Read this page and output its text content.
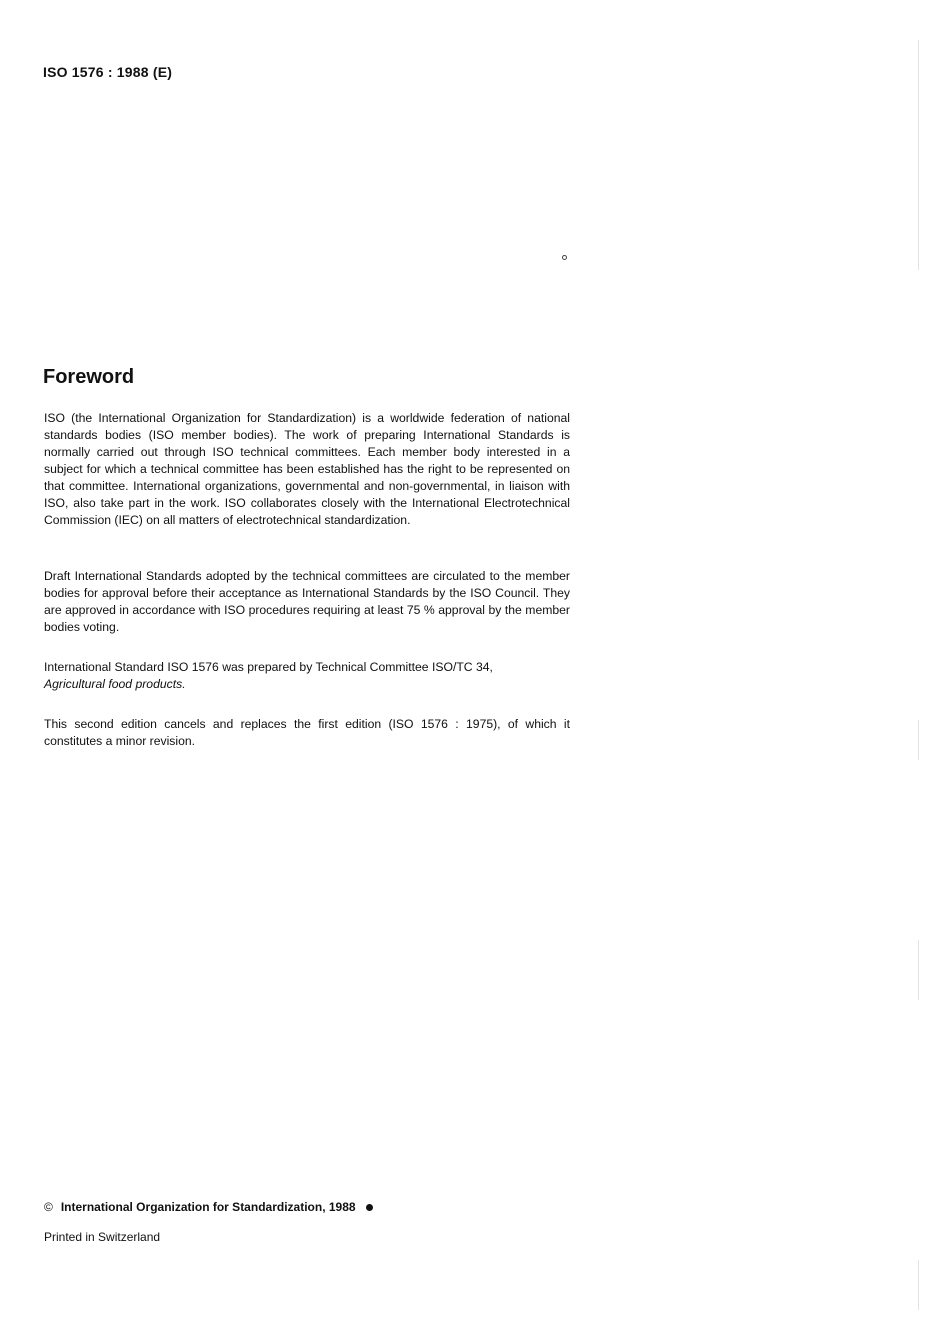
ISO 1576 : 1988 (E)
Foreword

ISO (the International Organization for Standardization) is a worldwide federation of national standards bodies (ISO member bodies). The work of preparing International Standards is normally carried out through ISO technical committees. Each member body interested in a subject for which a technical committee has been established has the right to be represented on that committee. International organizations, governmental and non-governmental, in liaison with ISO, also take part in the work. ISO collaborates closely with the International Electrotechnical Commission (IEC) on all matters of electrotechnical standardization.

Draft International Standards adopted by the technical committees are circulated to the member bodies for approval before their acceptance as International Standards by the ISO Council. They are approved in accordance with ISO procedures requiring at least 75 % approval by the member bodies voting.

International Standard ISO 1576 was prepared by Technical Committee ISO/TC 34,
Agricultural food products.

This second edition cancels and replaces the first edition (ISO 1576 : 1975), of which it constitutes a minor revision.

© International Organization for Standardization, 1988
Printed in Switzerland
